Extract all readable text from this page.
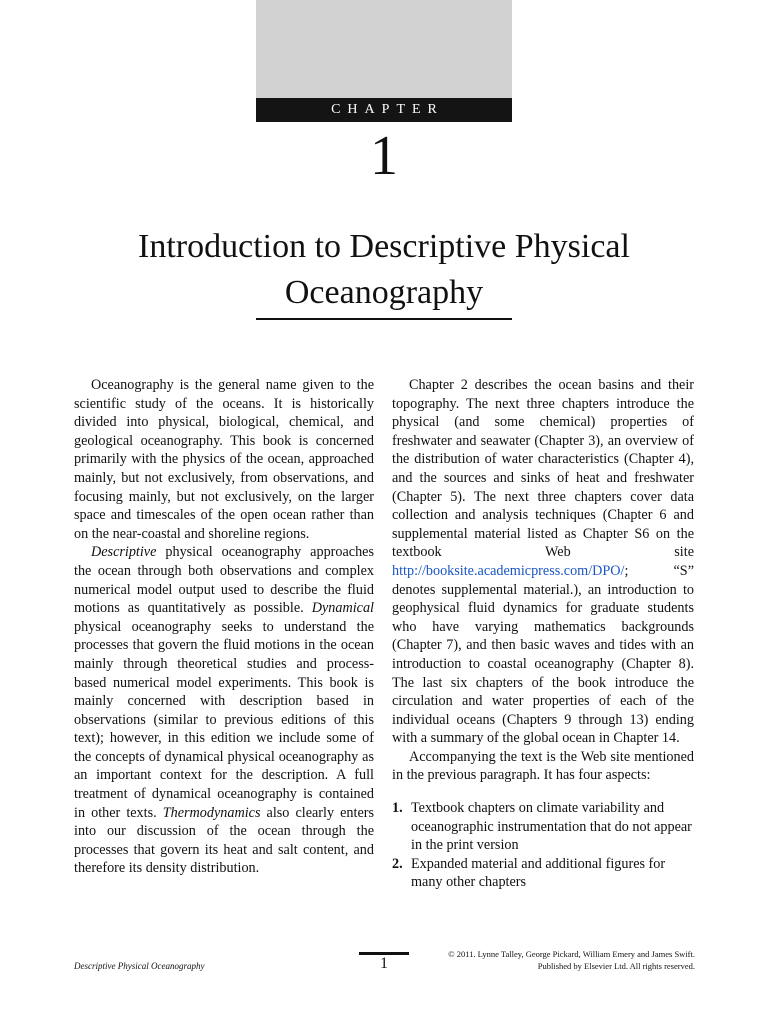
CHAPTER
1
Introduction to Descriptive Physical Oceanography

Oceanography is the general name given to the scientific study of the oceans. It is historically divided into physical, biological, chemical, and geological oceanography. This book is concerned primarily with the physics of the ocean, approached mainly, but not exclusively, from observations, and focusing mainly, but not exclusively, on the larger space and timescales of the open ocean rather than on the near-coastal and shoreline regions.

Descriptive physical oceanography approaches the ocean through both observations and complex numerical model output used to describe the fluid motions as quantitatively as possible. Dynamical physical oceanography seeks to understand the processes that govern the fluid motions in the ocean mainly through theoretical studies and process-based numerical model experiments. This book is mainly concerned with description based in observations (similar to previous editions of this text); however, in this edition we include some of the concepts of dynamical physical oceanography as an important context for the description. A full treatment of dynamical oceanography is contained in other texts. Thermodynamics also clearly enters into our discussion of the ocean through the processes that govern its heat and salt content, and therefore its density distribution.

Chapter 2 describes the ocean basins and their topography. The next three chapters introduce the physical (and some chemical) properties of freshwater and seawater (Chapter 3), an overview of the distribution of water characteristics (Chapter 4), and the sources and sinks of heat and freshwater (Chapter 5). The next three chapters cover data collection and analysis techniques (Chapter 6 and supplemental material listed as Chapter S6 on the textbook Web site http://booksite.academicpress.com/DPO/; “S” denotes supplemental material.), an introduction to geophysical fluid dynamics for graduate students who have varying mathematics backgrounds (Chapter 7), and then basic waves and tides with an introduction to coastal oceanography (Chapter 8). The last six chapters of the book introduce the circulation and water properties of each of the individual oceans (Chapters 9 through 13) ending with a summary of the global ocean in Chapter 14.

Accompanying the text is the Web site mentioned in the previous paragraph. It has four aspects:

1. Textbook chapters on climate variability and oceanographic instrumentation that do not appear in the print version
2. Expanded material and additional figures for many other chapters
Descriptive Physical Oceanography	1
© 2011. Lynne Talley, George Pickard, William Emery and James Swift.
Published by Elsevier Ltd. All rights reserved.
